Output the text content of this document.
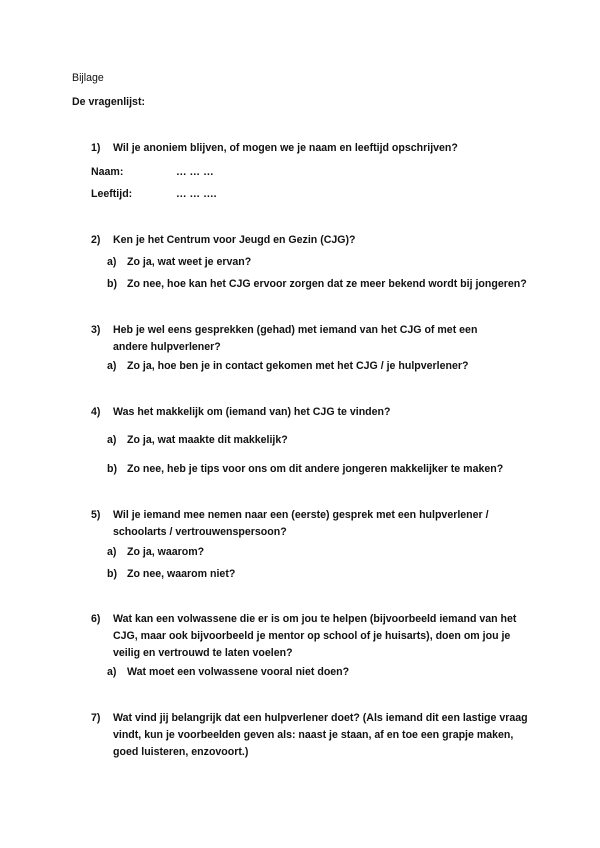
Bijlage
De vragenlijst:
1) Wil je anoniem blijven, of mogen we je naam en leeftijd opschrijven?
Naam:	… … …
Leeftijd:	… … ….
2) Ken je het Centrum voor Jeugd en Gezin (CJG)?
a) Zo ja, wat weet je ervan?
b) Zo nee, hoe kan het CJG ervoor zorgen dat ze meer bekend wordt bij jongeren?
3) Heb je wel eens gesprekken (gehad) met iemand van het CJG of met een andere hulpverlener?
a) Zo ja, hoe ben je in contact gekomen met het CJG / je hulpverlener?
4) Was het makkelijk om (iemand van) het CJG te vinden?
a) Zo ja, wat maakte dit makkelijk?
b) Zo nee, heb je tips voor ons om dit andere jongeren makkelijker te maken?
5) Wil je iemand mee nemen naar een (eerste) gesprek met een hulpverlener / schoolarts / vertrouwenspersoon?
a) Zo ja, waarom?
b) Zo nee, waarom niet?
6) Wat kan een volwassene die er is om jou te helpen (bijvoorbeeld iemand van het CJG, maar ook bijvoorbeeld je mentor op school of je huisarts), doen om jou je veilig en vertrouwd te laten voelen?
a) Wat moet een volwassene vooral niet doen?
7) Wat vind jij belangrijk dat een hulpverlener doet? (Als iemand dit een lastige vraag vindt, kun je voorbeelden geven als: naast je staan, af en toe een grapje maken, goed luisteren, enzovoort.)
